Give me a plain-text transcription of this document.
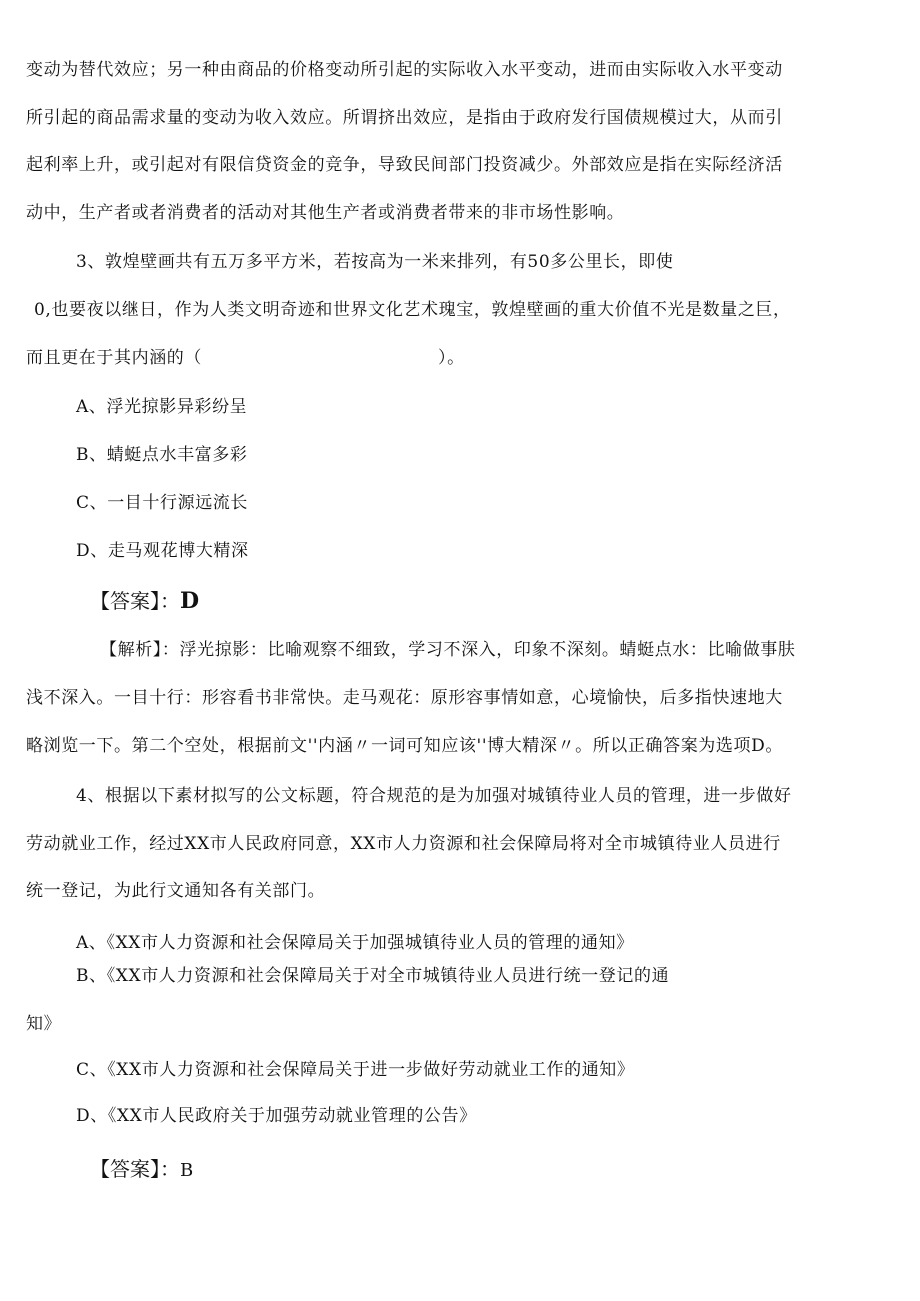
变动为替代效应；另一种由商品的价格变动所引起的实际收入水平变动，进而由实际收入水平变动
所引起的商品需求量的变动为收入效应。所谓挤出效应，是指由于政府发行国债规模过大，从而引
起利率上升，或引起对有限信贷资金的竞争，导致民间部门投资减少。外部效应是指在实际经济活
动中，生产者或者消费者的活动对其他生产者或消费者带来的非市场性影响。
3、敦煌壁画共有五万多平方米，若按高为一米来排列，有50多公里长，即使
0,也要夜以继日，作为人类文明奇迹和世界文化艺术瑰宝，敦煌壁画的重大价值不光是数量之巨，
而且更在于其内涵的（	）。
A、浮光掠影异彩纷呈
B、蜻蜓点水丰富多彩
C、一目十行源远流长
D、走马观花博大精深
【答案】：D
【解析】：浮光掠影：比喻观察不细致，学习不深入，印象不深刻。蜻蜓点水：比喻做事肤
浅不深入。一目十行：形容看书非常快。走马观花：原形容事情如意，心境愉快，后多指快速地大
略浏览一下。第二个空处，根据前文''内涵〃一词可知应该''博大精深〃。所以正确答案为选项D。
4、根据以下素材拟写的公文标题，符合规范的是为加强对城镇待业人员的管理，进一步做好
劳动就业工作，经过XX市人民政府同意，XX市人力资源和社会保障局将对全市城镇待业人员进行
统一登记，为此行文通知各有关部门。
A、《XX市人力资源和社会保障局关于加强城镇待业人员的管理的通知》
B、《XX市人力资源和社会保障局关于对全市城镇待业人员进行统一登记的通
知》
C、《XX市人力资源和社会保障局关于进一步做好劳动就业工作的通知》
D、《XX市人民政府关于加强劳动就业管理的公告》
【答案】：B
